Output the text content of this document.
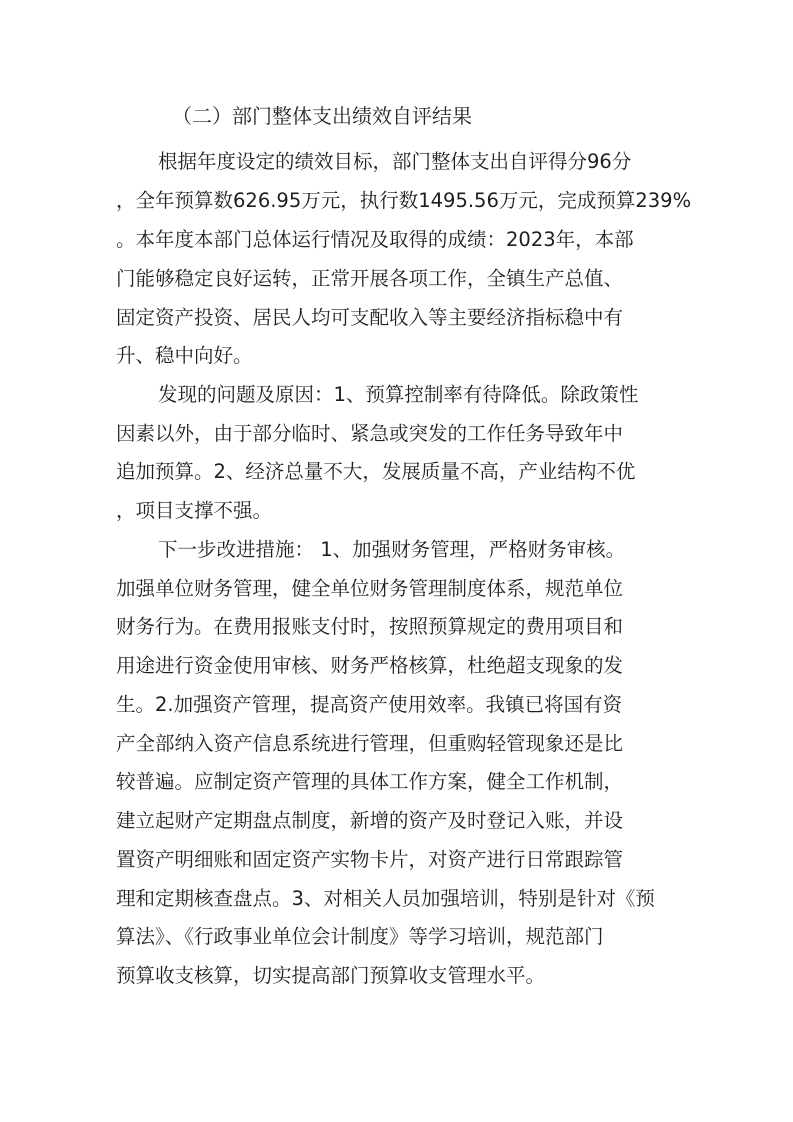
（二）部门整体支出绩效自评结果
根据年度设定的绩效目标，部门整体支出自评得分96分
，全年预算数626.95万元，执行数1495.56万元，完成预算239%
。本年度本部门总体运行情况及取得的成绩：2023年，本部
门能够稳定良好运转，正常开展各项工作，全镇生产总值、
固定资产投资、居民人均可支配收入等主要经济指标稳中有
升、稳中向好。
发现的问题及原因：1、预算控制率有待降低。除政策性
因素以外，由于部分临时、紧急或突发的工作任务导致年中
追加预算。2、经济总量不大，发展质量不高，产业结构不优
，项目支撑不强。
下一步改进措施： 1、加强财务管理，严格财务审核。
加强单位财务管理，健全单位财务管理制度体系，规范单位
财务行为。在费用报账支付时，按照预算规定的费用项目和
用途进行资金使用审核、财务严格核算，杜绝超支现象的发
生。2.加强资产管理，提高资产使用效率。我镇已将国有资
产全部纳入资产信息系统进行管理，但重购轻管现象还是比
较普遍。应制定资产管理的具体工作方案，健全工作机制，
建立起财产定期盘点制度，新增的资产及时登记入账，并设
置资产明细账和固定资产实物卡片，对资产进行日常跟踪管
理和定期核查盘点。3、对相关人员加强培训，特别是针对《预
算法》、《行政事业单位会计制度》等学习培训，规范部门
预算收支核算，切实提高部门预算收支管理水平。
